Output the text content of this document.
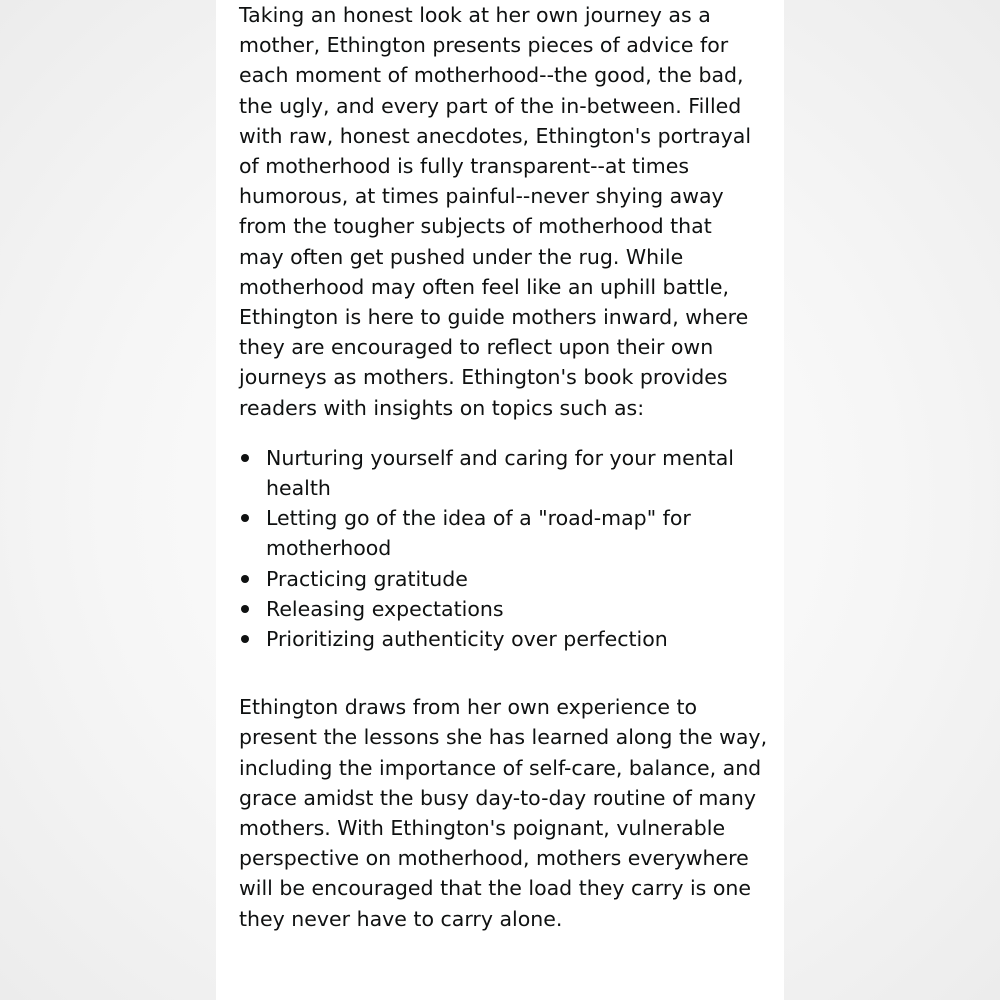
Taking an honest look at her own journey as a mother, Ethington presents pieces of advice for each moment of motherhood--the good, the bad, the ugly, and every part of the in-between. Filled with raw, honest anecdotes, Ethington's portrayal of motherhood is fully transparent--at times humorous, at times painful--never shying away from the tougher subjects of motherhood that may often get pushed under the rug. While motherhood may often feel like an uphill battle, Ethington is here to guide mothers inward, where they are encouraged to reflect upon their own journeys as mothers. Ethington's book provides readers with insights on topics such as:

Nurturing yourself and caring for your mental health
Letting go of the idea of a "road-map" for motherhood
Practicing gratitude
Releasing expectations
Prioritizing authenticity over perfection

Ethington draws from her own experience to present the lessons she has learned along the way, including the importance of self-care, balance, and grace amidst the busy day-to-day routine of many mothers. With Ethington's poignant, vulnerable perspective on motherhood, mothers everywhere will be encouraged that the load they carry is one they never have to carry alone.
